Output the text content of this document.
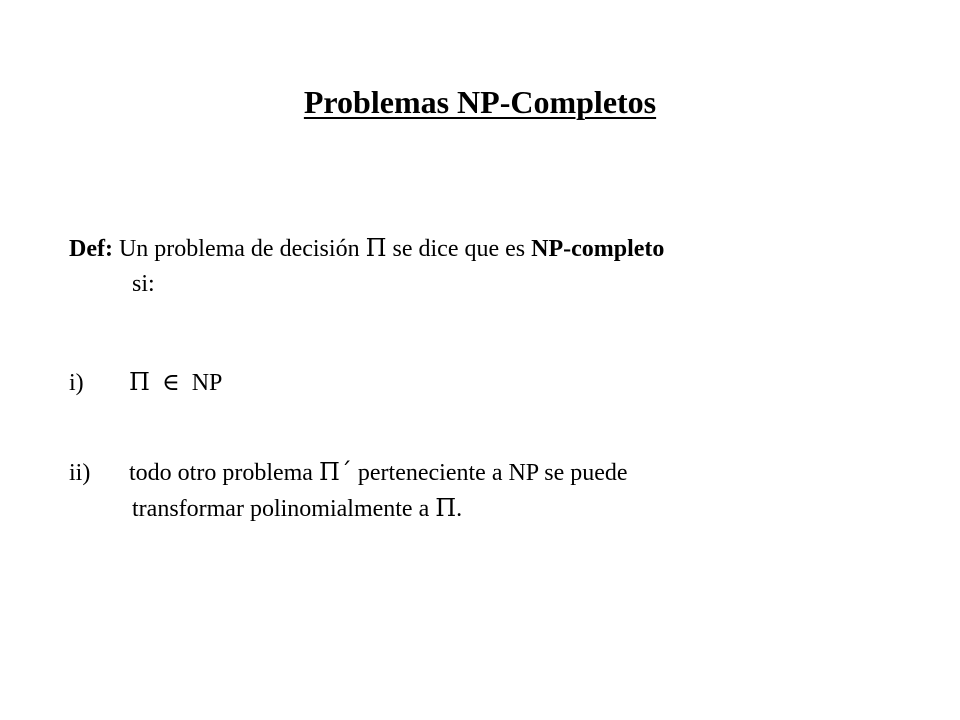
Problemas NP-Completos

Def: Un problema de decisión Π se dice que es NP-completo

si:

i) Π ∈ NP

ii) todo otro problema Π´ perteneciente a NP se puede

transformar polinomialmente a Π.
